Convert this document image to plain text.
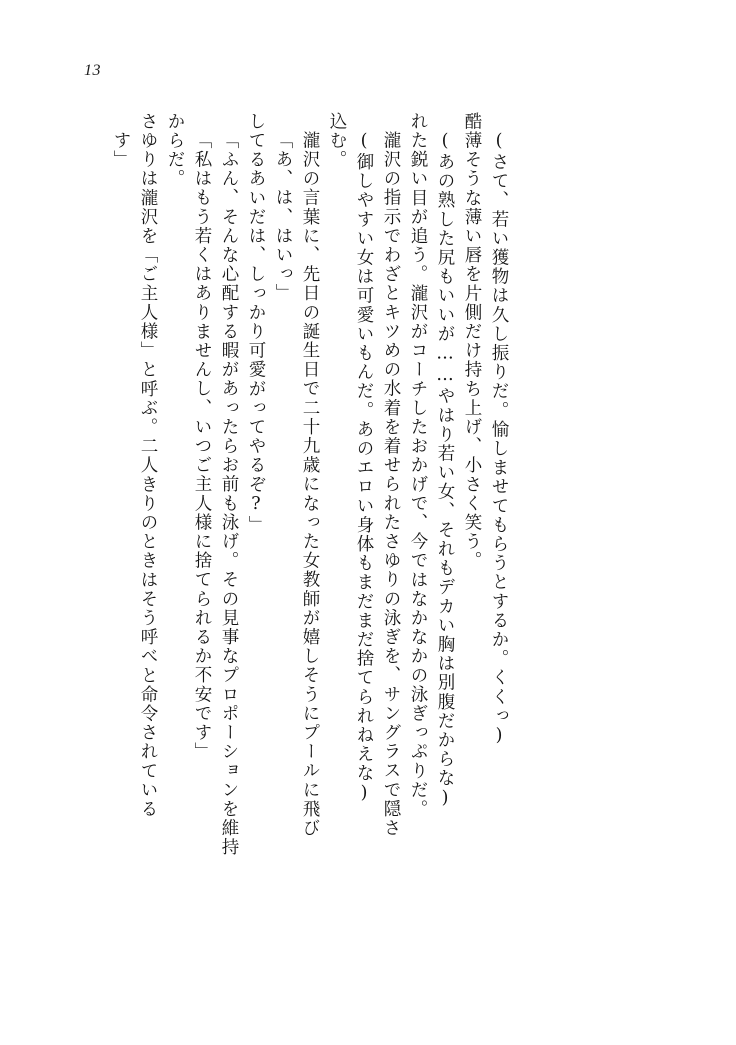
13
す」 さゆりは瀧沢を「ご主人様」と呼ぶ。二人きりのときはそう呼べと命令されている からだ。 「私はもう若くはありませんし、いつご主人様に捨てられるか不安です」 「ふん、そんな心配する暇があったらお前も泳げ。その見事なプロポーションを維持 してるあいだは、しっかり可愛がってやるぞ?」 「あ、は、はいっ」 瀧沢の言葉に、先日の誕生日で二十九歳になった女教師が嬉しそうにプールに飛び 込む。 (御しやすい女は可愛いもんだ。あのエロい身体もまだまだ捨てられねえな) 瀧沢の指示でわざとキツめの水着を着せられたさゆりの泳ぎを、サングラスで隠さ れた鋭い目が追う。瀧沢がコーチしたおかげで、今ではなかなかの泳ぎっぷりだ。 (あの熟した尻もいいが……やはり若い女、それもデカい胸は別腹だからな) 酷薄そうな薄い唇を片側だけ持ち上げ、小さく笑う。 (さて、若い獲物は久し振りだ。愉しませてもらうとするか。くくっ)
